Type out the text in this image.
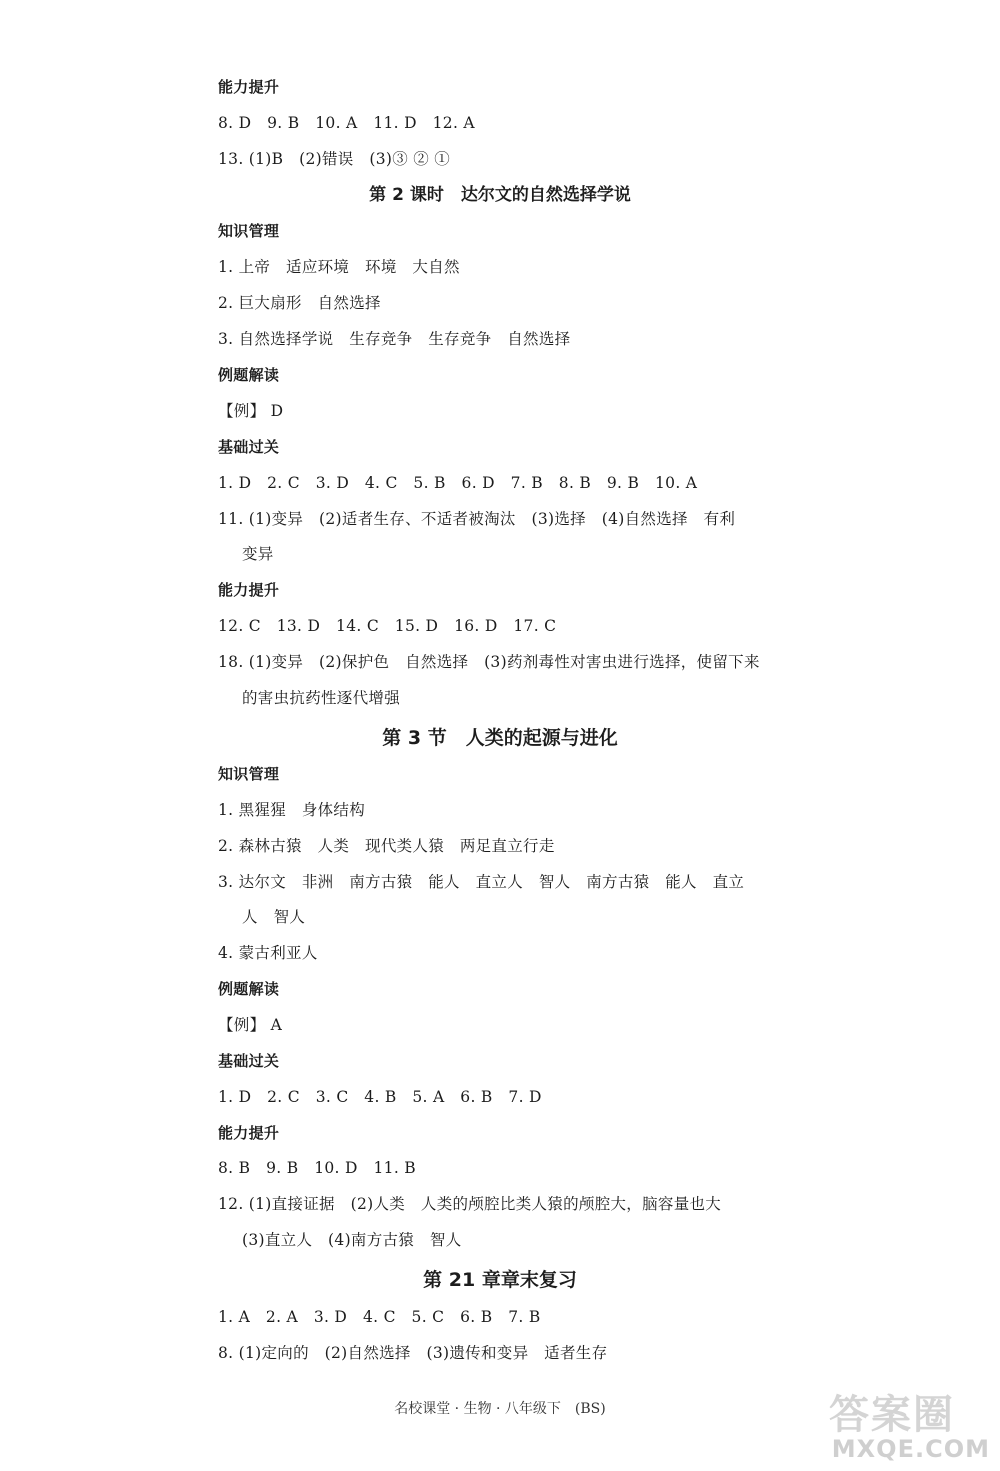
能力提升
8. D　9. B　10. A　11. D　12. A
13. (1)B　(2)错误　(3)③ ② ①
第 2 课时　达尔文的自然选择学说
知识管理
1. 上帝　适应环境　环境　大自然
2. 巨大扇形　自然选择
3. 自然选择学说　生存竞争　生存竞争　自然选择
例题解读
【例】 D
基础过关
1. D　2. C　3. D　4. C　5. B　6. D　7. B　8. B　9. B　10. A
11. (1)变异　(2)适者生存、不适者被淘汰　(3)选择　(4)自然选择　有利
变异
能力提升
12. C　13. D　14. C　15. D　16. D　17. C
18. (1)变异　(2)保护色　自然选择　(3)药剂毒性对害虫进行选择，使留下来
的害虫抗药性逐代增强
第 3 节　人类的起源与进化
知识管理
1. 黑猩猩　身体结构
2. 森林古猿　人类　现代类人猿　两足直立行走
3. 达尔文　非洲　南方古猿　能人　直立人　智人　南方古猿　能人　直立
人　智人
4. 蒙古利亚人
例题解读
【例】 A
基础过关
1. D　2. C　3. C　4. B　5. A　6. B　7. D
能力提升
8. B　9. B　10. D　11. B
12. (1)直接证据　(2)人类　人类的颅腔比类人猿的颅腔大，脑容量也大
(3)直立人　(4)南方古猿　智人
第 21 章章末复习
1. A　2. A　3. D　4. C　5. C　6. B　7. B
8. (1)定向的　(2)自然选择　(3)遗传和变异　适者生存
名校课堂 · 生物 · 八年级下　(BS)	答案圈
MXQE.COM
